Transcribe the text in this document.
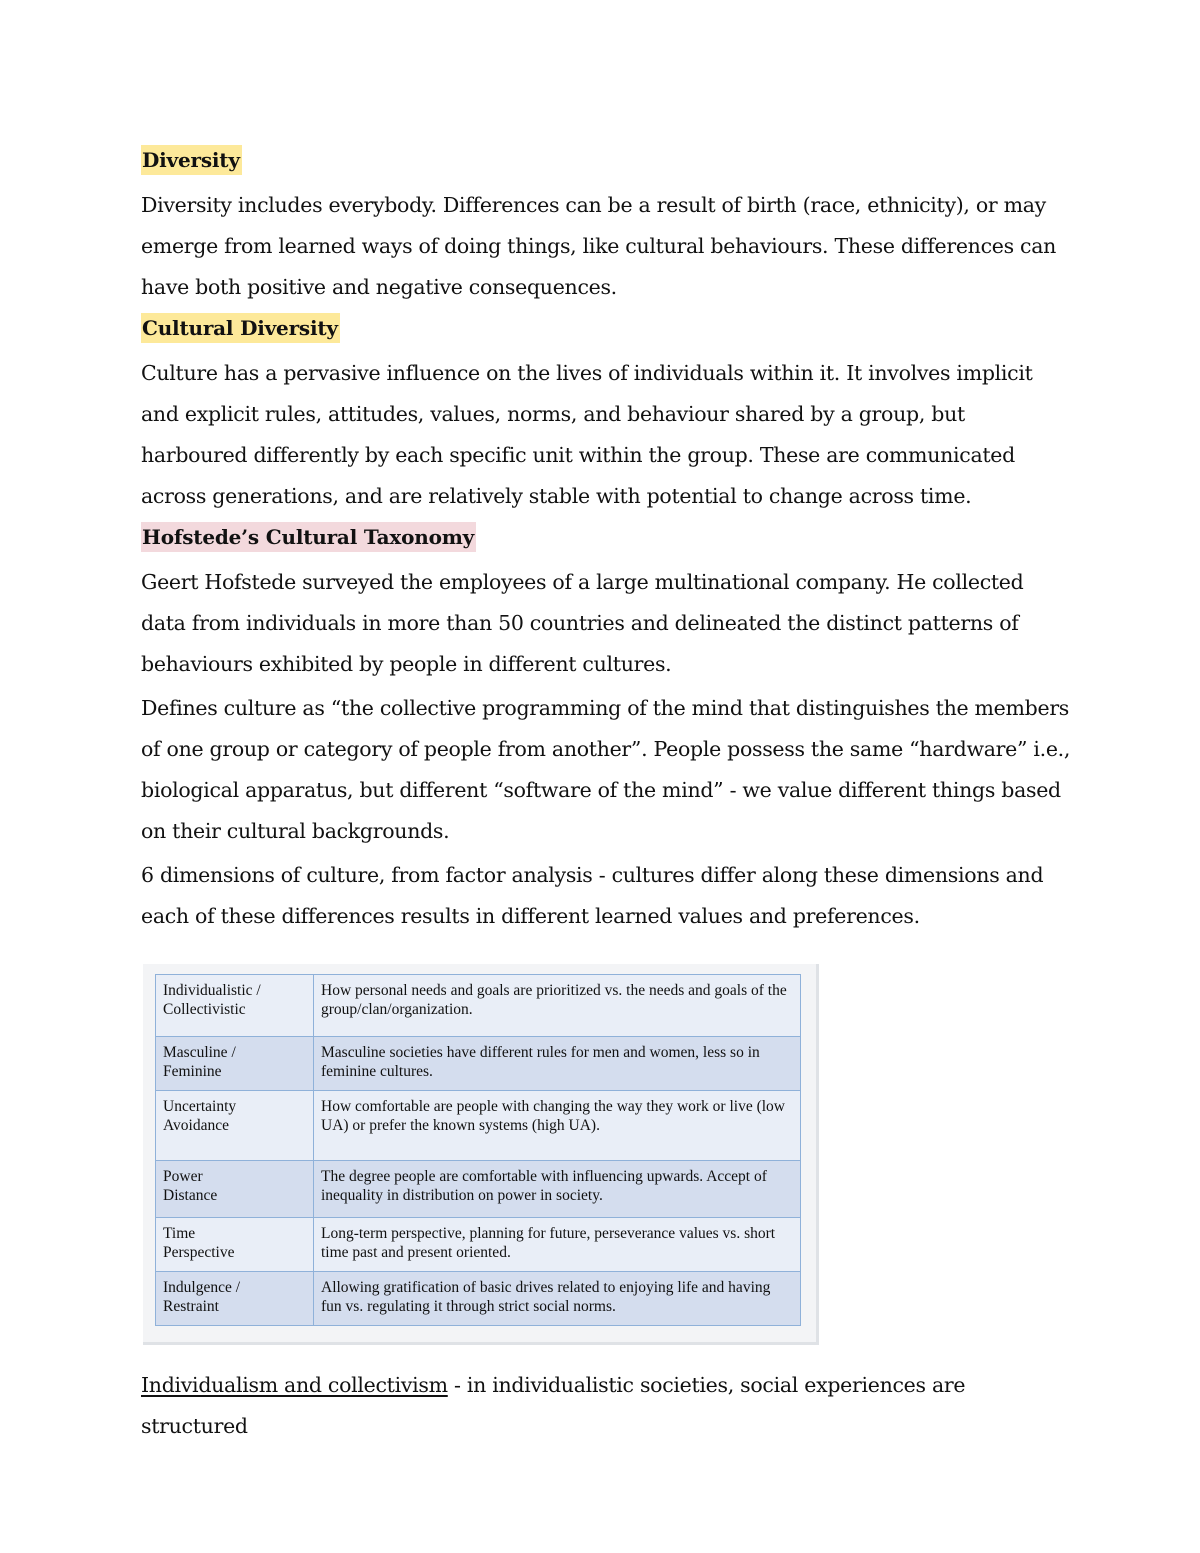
Diversity

Diversity includes everybody. Differences can be a result of birth (race, ethnicity), or may emerge from learned ways of doing things, like cultural behaviours. These differences can have both positive and negative consequences.

Cultural Diversity

Culture has a pervasive influence on the lives of individuals within it. It involves implicit and explicit rules, attitudes, values, norms, and behaviour shared by a group, but harboured differently by each specific unit within the group. These are communicated across generations, and are relatively stable with potential to change across time.

Hofstede’s Cultural Taxonomy

Geert Hofstede surveyed the employees of a large multinational company. He collected data from individuals in more than 50 countries and delineated the distinct patterns of behaviours exhibited by people in different cultures.

Defines culture as “the collective programming of the mind that distinguishes the members of one group or category of people from another”. People possess the same “hardware” i.e., biological apparatus, but different “software of the mind” - we value different things based on their cultural backgrounds.

6 dimensions of culture, from factor analysis - cultures differ along these dimensions and each of these differences results in different learned values and preferences.

Individualistic /
Collectivistic	How personal needs and goals are prioritized vs. the needs and goals of the group/clan/organization.
Masculine /
Feminine	Masculine societies have different rules for men and women, less so in feminine cultures.
Uncertainty
Avoidance	How comfortable are people with changing the way they work or live (low UA) or prefer the known systems (high UA).
Power
Distance	The degree people are comfortable with influencing upwards. Accept of inequality in distribution on power in society.
Time
Perspective	Long-term perspective, planning for future, perseverance values vs. short time past and present oriented.
Indulgence /
Restraint	Allowing gratification of basic drives related to enjoying life and having fun vs. regulating it through strict social norms.

Individualism and collectivism - in individualistic societies, social experiences are structured
